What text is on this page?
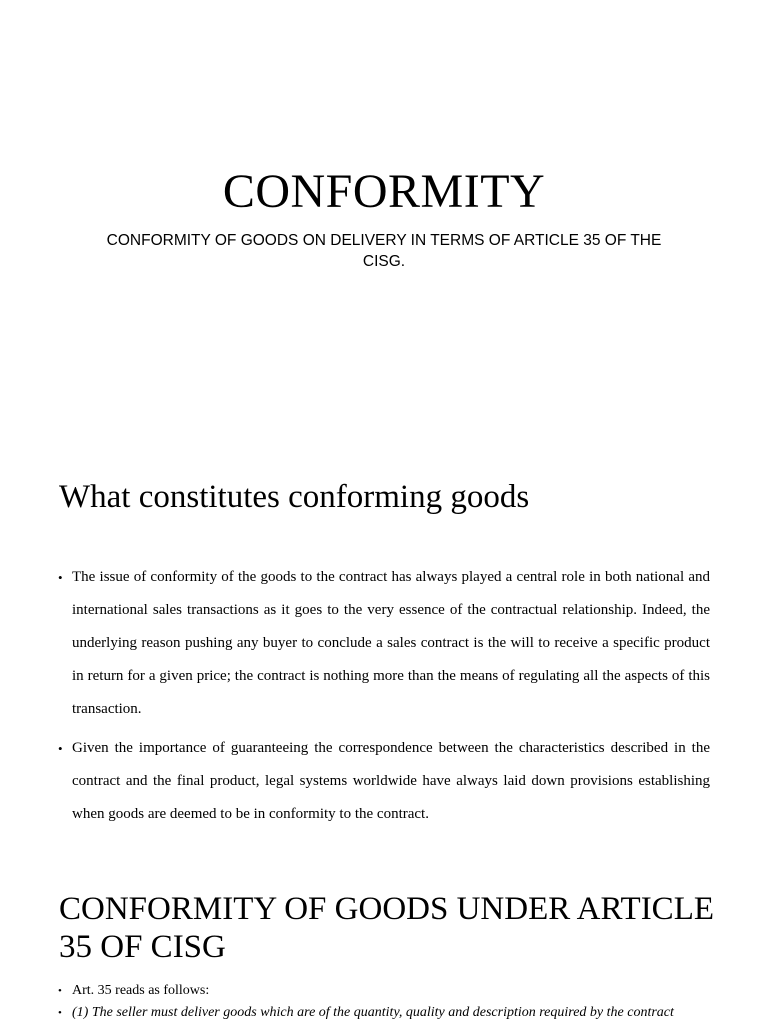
CONFORMITY
CONFORMITY OF GOODS ON DELIVERY IN TERMS OF ARTICLE 35 OF THE CISG.
What constitutes conforming goods
• The issue of conformity of the goods to the contract has always played a central role in both national and international sales transactions as it goes to the very essence of the contractual relationship. Indeed, the underlying reason pushing any buyer to conclude a sales contract is the will to receive a specific product in return for a given price; the contract is nothing more than the means of regulating all the aspects of this transaction.
• Given the importance of guaranteeing the correspondence between the characteristics described in the contract and the final product, legal systems worldwide have always laid down provisions establishing when goods are deemed to be in conformity to the contract.
CONFORMITY OF GOODS UNDER ARTICLE 35 OF CISG
• Art. 35 reads as follows:
• (1) The seller must deliver goods which are of the quantity, quality and description required by the contract
